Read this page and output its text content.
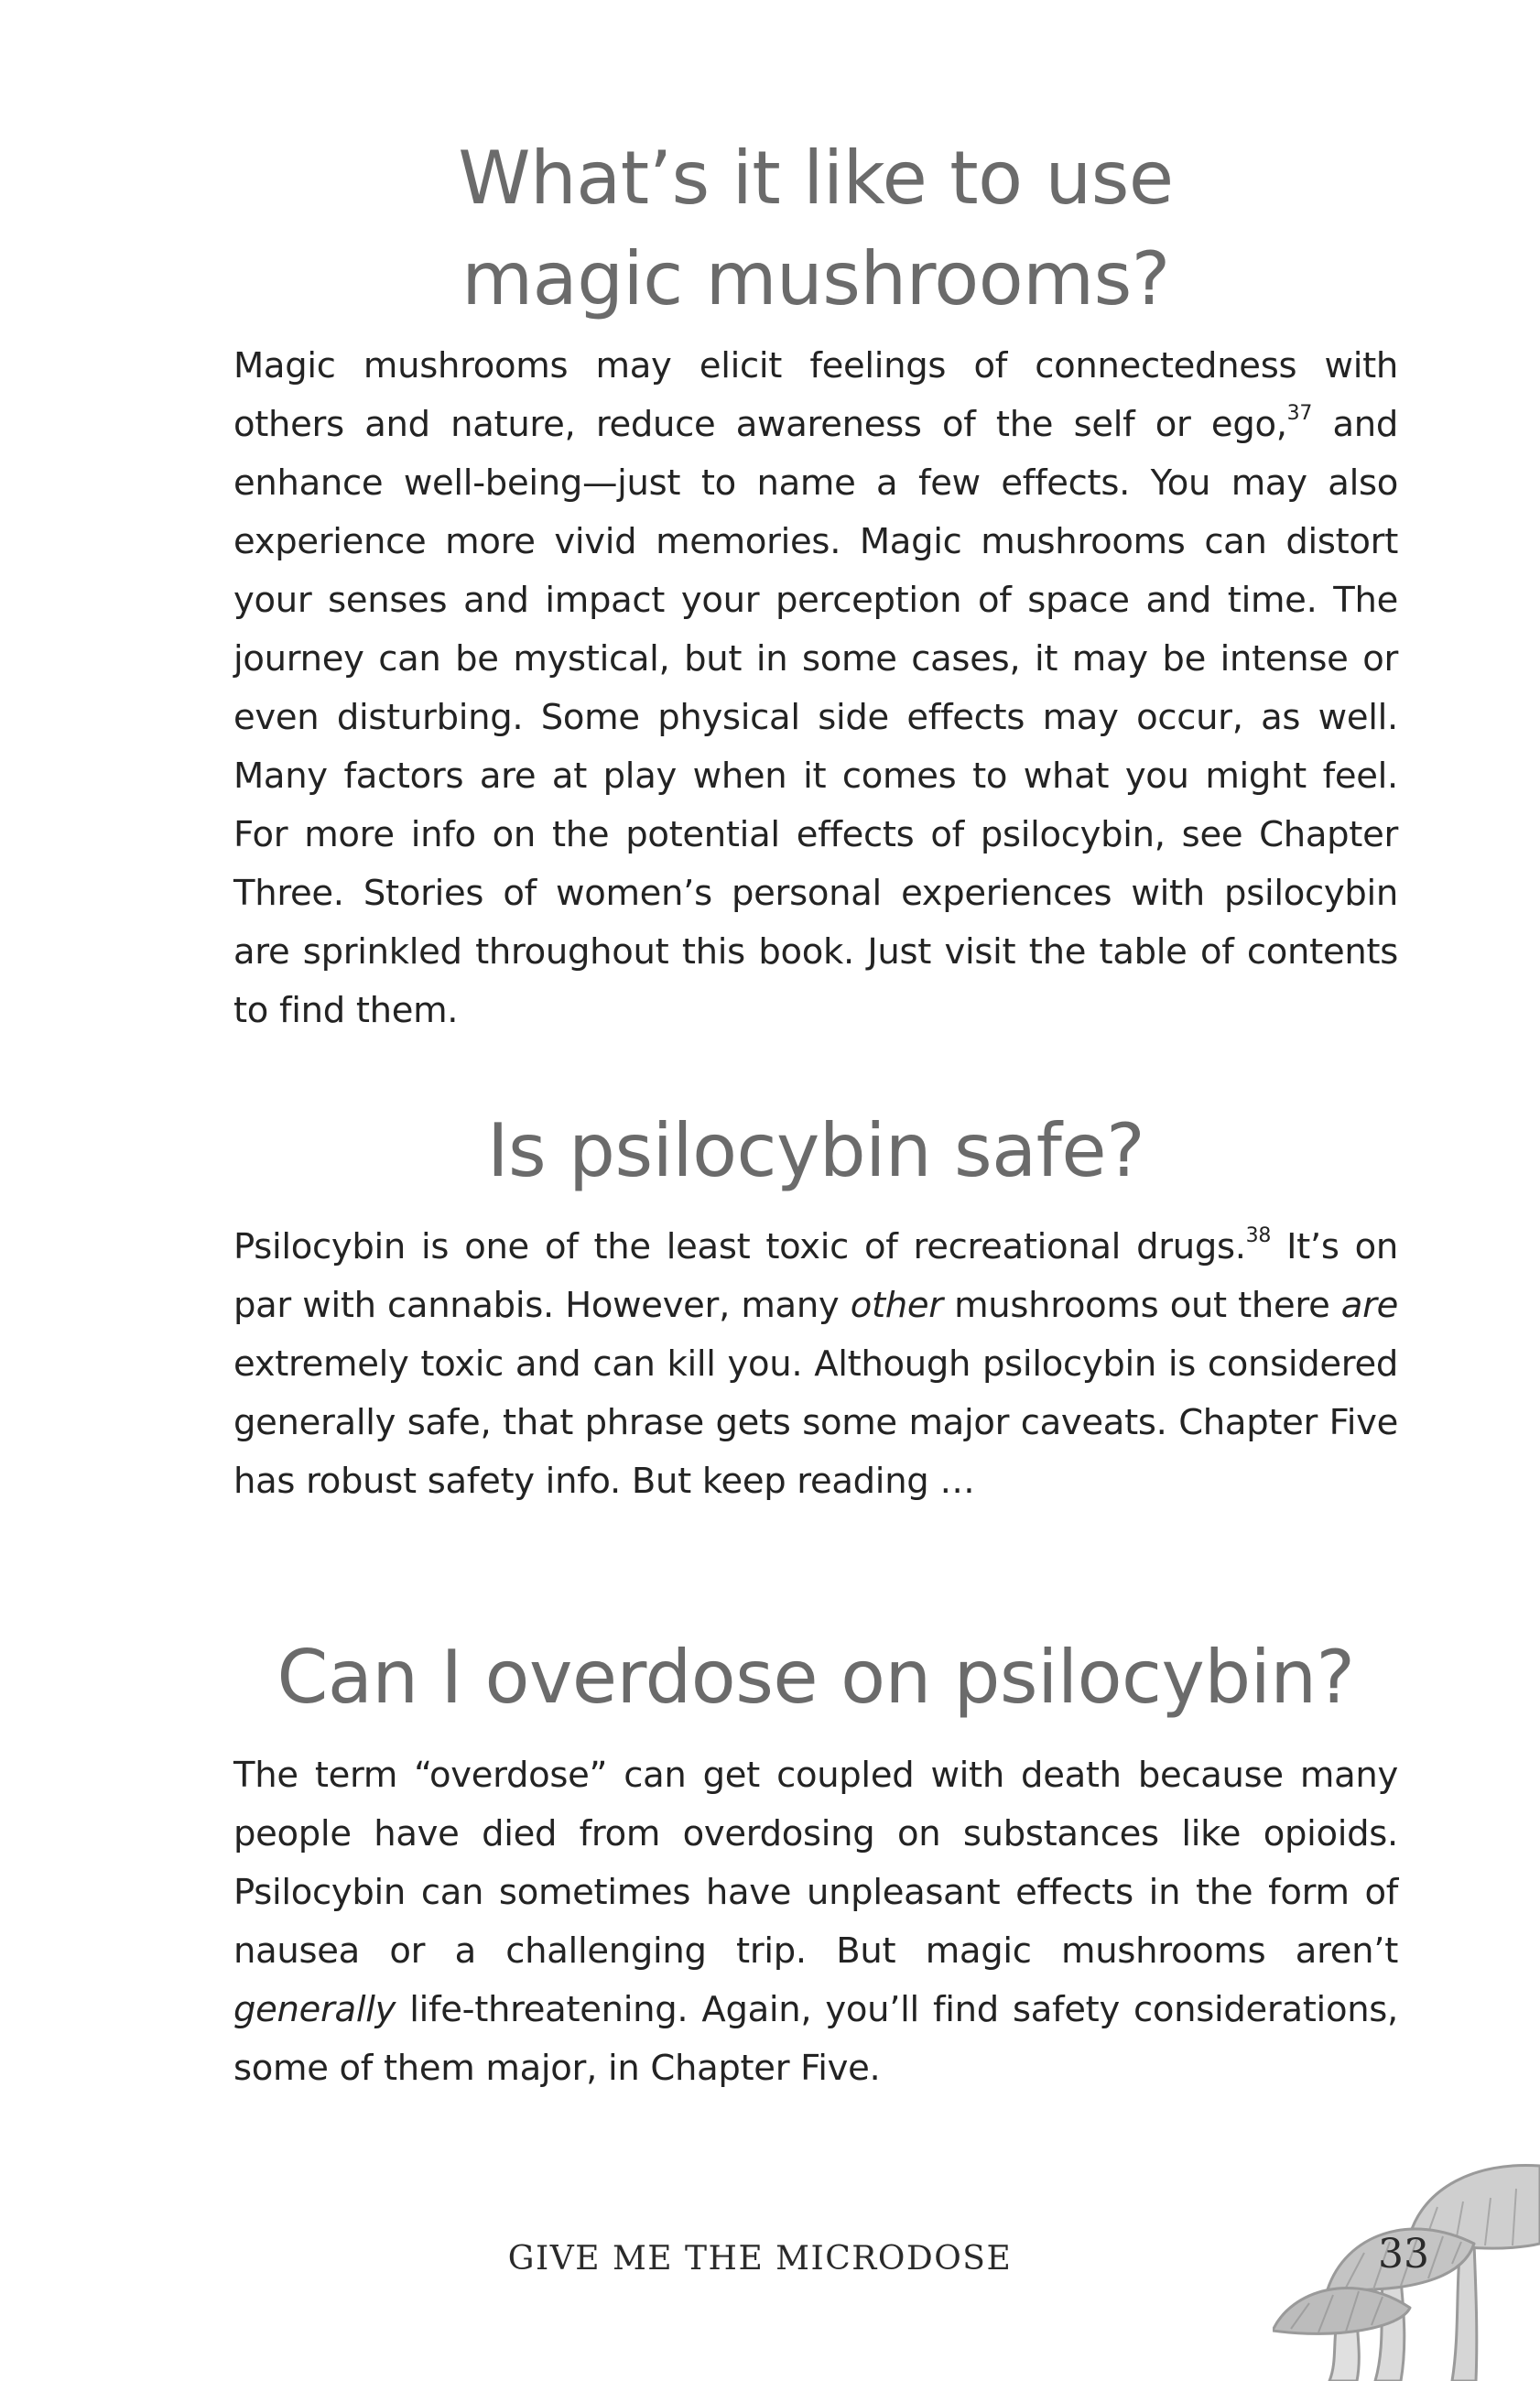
What’s it like to use
magic mushrooms?

Magic mushrooms may elicit feelings of connectedness with others and nature, reduce awareness of the self or ego,$^{37}$ and enhance well-being—just to name a few effects. You may also experience more vivid memories. Magic mushrooms can distort your senses and impact your perception of space and time. The journey can be mystical, but in some cases, it may be intense or even disturbing. Some physical side effects may occur, as well. Many factors are at play when it comes to what you might feel. For more info on the potential effects of psilocybin, see Chapter Three. Stories of women’s personal experiences with psilocybin are sprinkled throughout this book. Just visit the table of contents to find them.

Is psilocybin safe?

Psilocybin is one of the least toxic of recreational drugs.$^{38}$ It’s on par with cannabis. However, many other mushrooms out there are extremely toxic and can kill you. Although psilocybin is considered generally safe, that phrase gets some major caveats. Chapter Five has robust safety info. But keep reading …

Can I overdose on psilocybin?

The term “overdose” can get coupled with death because many people have died from overdosing on substances like opioids. Psilocybin can sometimes have unpleasant effects in the form of nausea or a challenging trip. But magic mushrooms aren’t generally life-threatening. Again, you’ll find safety considerations, some of them major, in Chapter Five.

GIVE ME THE MICRODOSE	33
